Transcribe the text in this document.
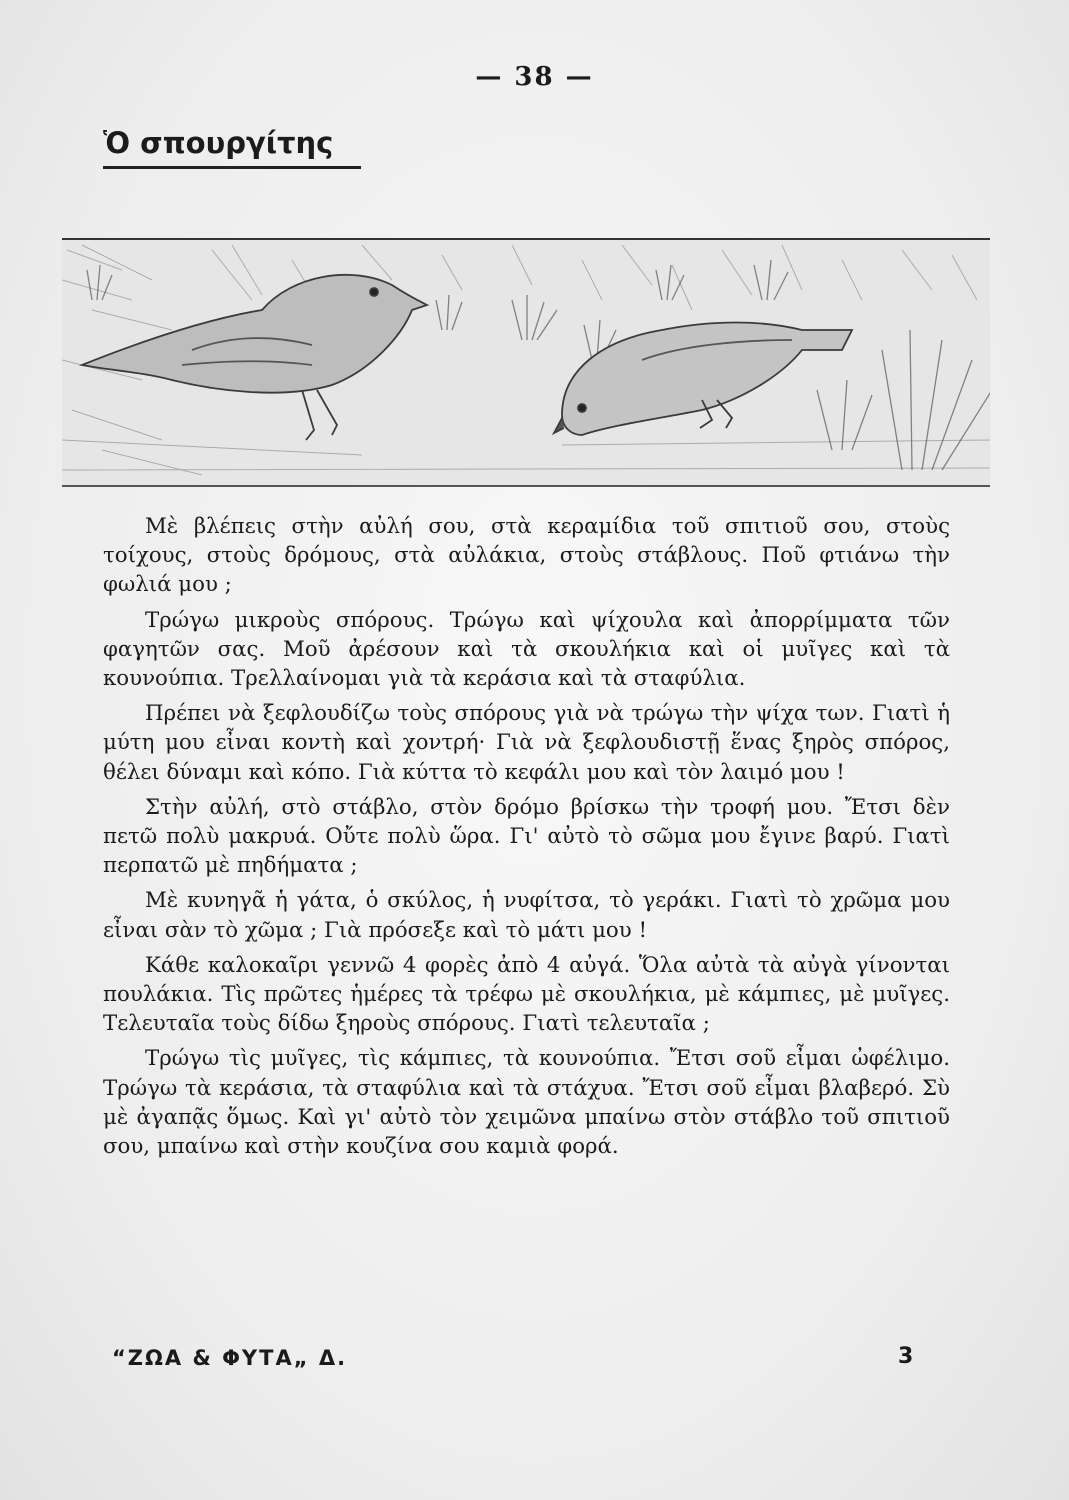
— 38 —
Ὁ σπουργίτης

Μὲ βλέπεις στὴν αὐλή σου, στὰ κεραμίδια τοῦ σπιτιοῦ σου, στοὺς τοίχους, στοὺς δρόμους, στὰ αὐλάκια, στοὺς στάβλους. Ποῦ φτιάνω τὴν φωλιά μου ;

Τρώγω μικροὺς σπόρους. Τρώγω καὶ ψίχουλα καὶ ἀπορρίμματα τῶν φαγητῶν σας. Μοῦ ἀρέσουν καὶ τὰ σκουλήκια καὶ οἱ μυῖγες καὶ τὰ κουνούπια. Τρελλαίνομαι γιὰ τὰ κεράσια καὶ τὰ σταφύλια.

Πρέπει νὰ ξεφλουδίζω τοὺς σπόρους γιὰ νὰ τρώγω τὴν ψίχα των. Γιατὶ ἡ μύτη μου εἶναι κοντὴ καὶ χοντρή· Γιὰ νὰ ξεφλουδιστῇ ἕνας ξηρὸς σπόρος, θέλει δύναμι καὶ κόπο. Γιὰ κύττα τὸ κεφάλι μου καὶ τὸν λαιμό μου !

Στὴν αὐλή, στὸ στάβλο, στὸν δρόμο βρίσκω τὴν τροφή μου. Ἔτσι δὲν πετῶ πολὺ μακρυά. Οὔτε πολὺ ὥρα. Γι' αὐτὸ τὸ σῶμα μου ἔγινε βαρύ. Γιατὶ περπατῶ μὲ πηδήματα ;

Μὲ κυνηγᾶ ἡ γάτα, ὁ σκύλος, ἡ νυφίτσα, τὸ γεράκι. Γιατὶ τὸ χρῶμα μου εἶναι σὰν τὸ χῶμα ; Γιὰ πρόσεξε καὶ τὸ μάτι μου !

Κάθε καλοκαῖρι γεννῶ 4 φορὲς ἀπὸ 4 αὐγά. Ὅλα αὐτὰ τὰ αὐγὰ γίνονται πουλάκια. Τὶς πρῶτες ἡμέρες τὰ τρέφω μὲ σκουλήκια, μὲ κάμπιες, μὲ μυῖγες. Τελευταῖα τοὺς δίδω ξηροὺς σπόρους. Γιατὶ τελευταῖα ;

Τρώγω τὶς μυῖγες, τὶς κάμπιες, τὰ κουνούπια. Ἔτσι σοῦ εἶμαι ὠφέλιμο. Τρώγω τὰ κεράσια, τὰ σταφύλια καὶ τὰ στάχυα. Ἔτσι σοῦ εἶμαι βλαβερό. Σὺ μὲ ἀγαπᾷς ὅμως. Καὶ γι' αὐτὸ τὸν χειμῶνα μπαίνω στὸν στάβλο τοῦ σπιτιοῦ σου, μπαίνω καὶ στὴν κουζίνα σου καμιὰ φορά.

“ΖΩΑ & ΦΥΤΑ„ Δ.	3
